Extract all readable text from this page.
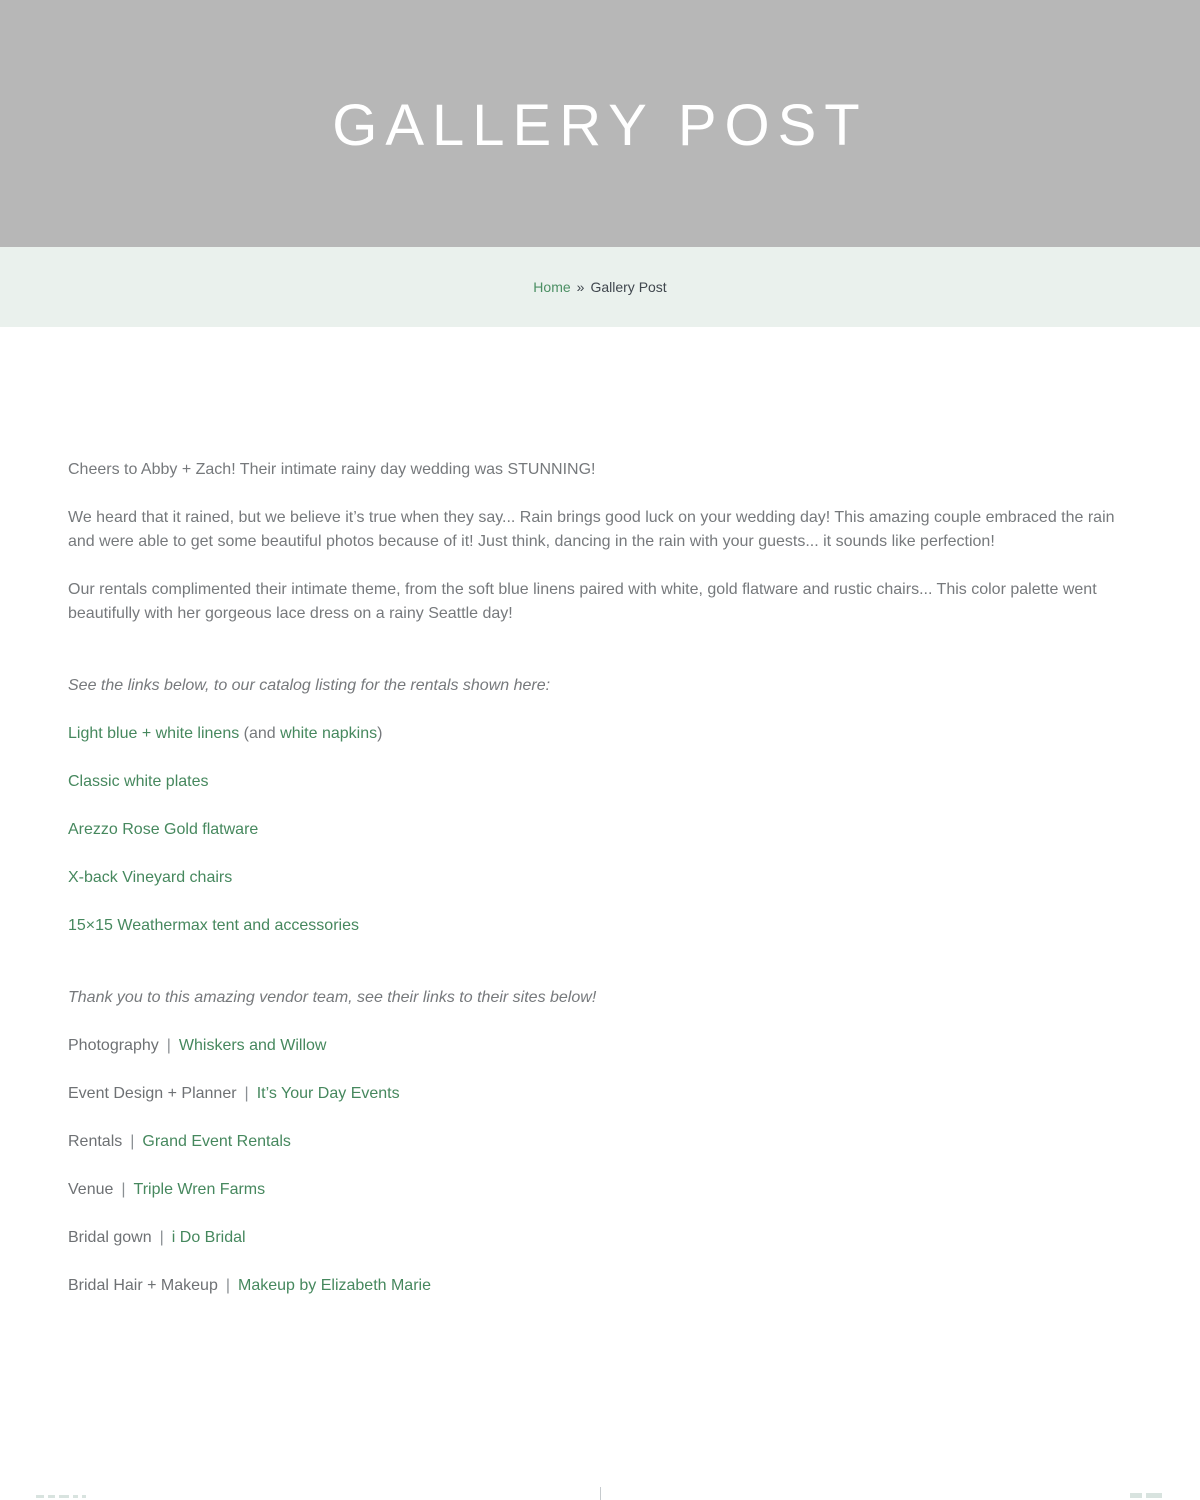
GALLERY POST
Home » Gallery Post

Cheers to Abby + Zach! Their intimate rainy day wedding was STUNNING!

We heard that it rained, but we believe it’s true when they say... Rain brings good luck on your wedding day! This amazing couple embraced the rain and were able to get some beautiful photos because of it! Just think, dancing in the rain with your guests... it sounds like perfection!

Our rentals complimented their intimate theme, from the soft blue linens paired with white, gold flatware and rustic chairs... This color palette went beautifully with her gorgeous lace dress on a rainy Seattle day!

See the links below, to our catalog listing for the rentals shown here:

Light blue + white linens (and white napkins)

Classic white plates

Arezzo Rose Gold flatware

X-back Vineyard chairs

15×15 Weathermax tent and accessories

Thank you to this amazing vendor team, see their links to their sites below!

Photography | Whiskers and Willow

Event Design + Planner | It’s Your Day Events

Rentals | Grand Event Rentals

Venue | Triple Wren Farms

Bridal gown | i Do Bridal

Bridal Hair + Makeup | Makeup by Elizabeth Marie
